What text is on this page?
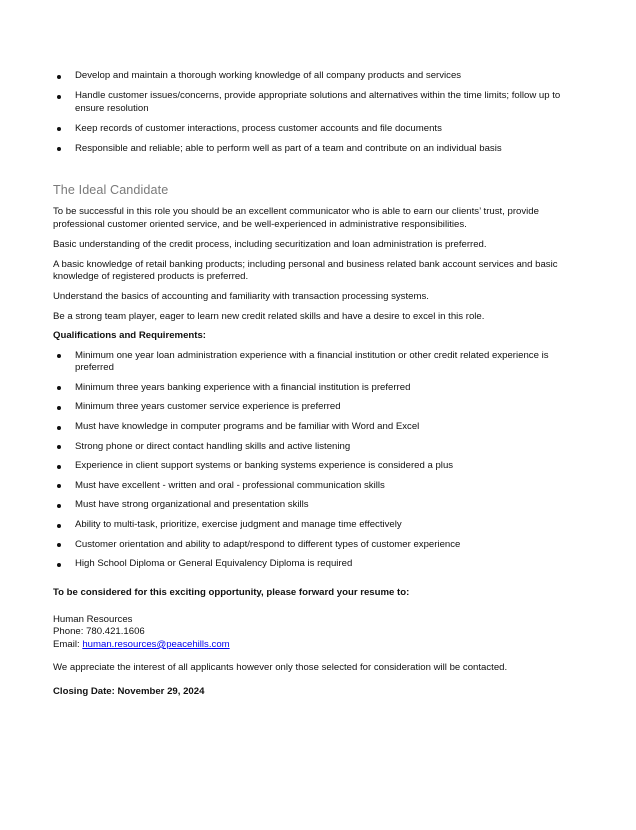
Develop and maintain a thorough working knowledge of all company products and services
Handle customer issues/concerns, provide appropriate solutions and alternatives within the time limits; follow up to ensure resolution
Keep records of customer interactions, process customer accounts and file documents
Responsible and reliable; able to perform well as part of a team and contribute on an individual basis
The Ideal Candidate

To be successful in this role you should be an excellent communicator who is able to earn our clients’ trust, provide professional customer oriented service, and be well-experienced in administrative responsibilities.

Basic understanding of the credit process, including securitization and loan administration is preferred.

A basic knowledge of retail banking products; including personal and business related bank account services and basic knowledge of registered products is preferred.

Understand the basics of accounting and familiarity with transaction processing systems.

Be a strong team player, eager to learn new credit related skills and have a desire to excel in this role.

Qualifications and Requirements:
Minimum one year loan administration experience with a financial institution or other credit related experience is preferred
Minimum three years banking experience with a financial institution is preferred
Minimum three years customer service experience is preferred
Must have knowledge in computer programs and be familiar with Word and Excel
Strong phone or direct contact handling skills and active listening
Experience in client support systems or banking systems experience is considered a plus
Must have excellent - written and oral - professional communication skills
Must have strong organizational and presentation skills
Ability to multi-task, prioritize, exercise judgment and manage time effectively
Customer orientation and ability to adapt/respond to different types of customer experience
High School Diploma or General Equivalency Diploma is required
To be considered for this exciting opportunity, please forward your resume to:
Human Resources
Phone: 780.421.1606
Email: human.resources@peacehills.com
We appreciate the interest of all applicants however only those selected for consideration will be contacted.
Closing Date: November 29, 2024
